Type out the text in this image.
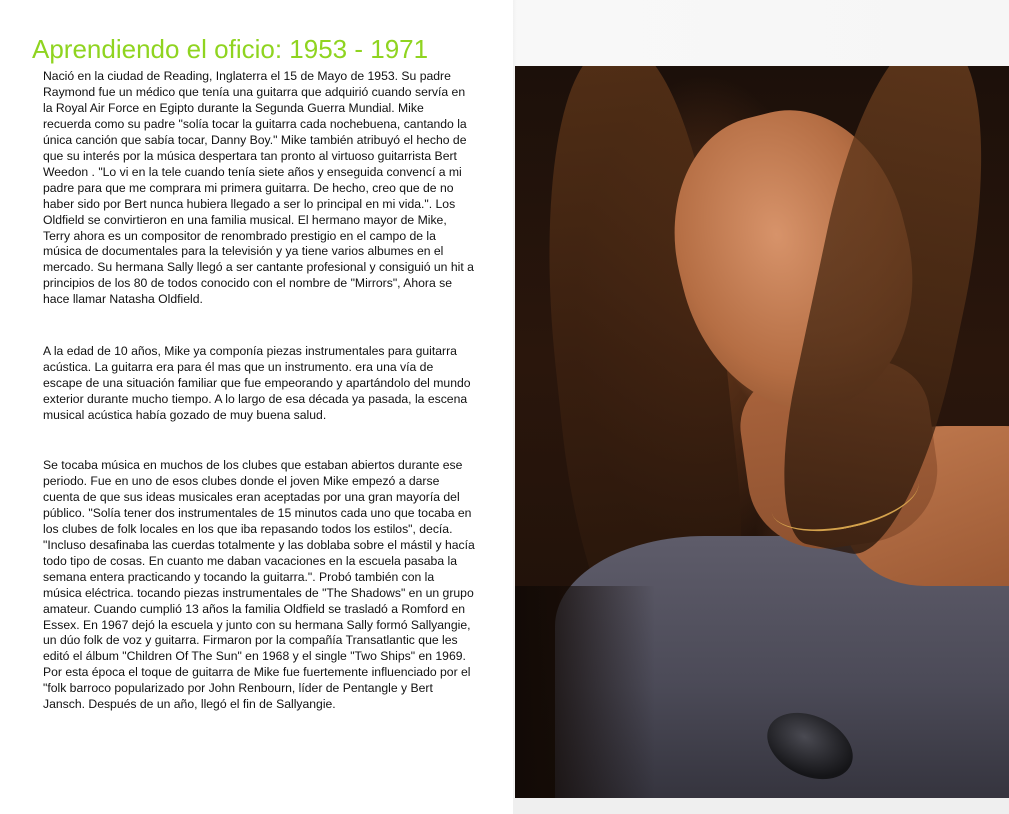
Aprendiendo el oficio: 1953 - 1971

Nació en la ciudad de Reading, Inglaterra el 15 de Mayo de 1953. Su padre Raymond fue un médico que tenía una guitarra que adquirió cuando servía en la Royal Air Force en Egipto durante la Segunda Guerra Mundial. Mike recuerda como su padre "solía tocar la guitarra cada nochebuena, cantando la única canción que sabía tocar, Danny Boy." Mike también atribuyó el hecho de que su interés por la música despertara tan pronto al virtuoso guitarrista Bert Weedon . "Lo vi en la tele cuando tenía siete años y enseguida convencí a mi padre para que me comprara mi primera guitarra. De hecho, creo que de no haber sido por Bert nunca hubiera llegado a ser lo principal en mi vida.". Los Oldfield se convirtieron en una familia musical. El hermano mayor de Mike, Terry ahora es un compositor de renombrado prestigio en el campo de la música de documentales para la televisión y ya tiene varios albumes en el mercado. Su hermana Sally llegó a ser cantante profesional y consiguió un hit a principios de los 80 de todos conocido con el nombre de "Mirrors", Ahora se hace llamar Natasha Oldfield.

A la edad de 10 años, Mike ya componía piezas instrumentales para guitarra acústica. La guitarra era para él mas que un instrumento. era una vía de escape de una situación familiar que fue empeorando y apartándolo del mundo exterior durante mucho tiempo. A lo largo de esa década ya pasada, la escena musical acústica había gozado de muy buena salud.

Se tocaba música en muchos de los clubes que estaban abiertos durante ese periodo. Fue en uno de esos clubes donde el joven Mike empezó a darse cuenta de que sus ideas musicales eran aceptadas por una gran mayoría del público. "Solía tener dos instrumentales de 15 minutos cada uno que tocaba en los clubes de folk locales en los que iba repasando todos los estilos", decía. "Incluso desafinaba las cuerdas totalmente y las doblaba sobre el mástil y hacía todo tipo de cosas. En cuanto me daban vacaciones en la escuela pasaba la semana entera practicando y tocando la guitarra.". Probó también con la música eléctrica. tocando piezas instrumentales de "The Shadows" en un grupo amateur. Cuando cumplió 13 años la familia Oldfield se trasladó a Romford en Essex. En 1967 dejó la escuela y junto con su hermana Sally formó Sallyangie, un dúo folk de voz y guitarra. Firmaron por la compañía Transatlantic que les editó el álbum "Children Of The Sun" en 1968 y el single "Two Ships" en 1969. Por esta época el toque de guitarra de Mike fue fuertemente influenciado por el "folk barroco popularizado por John Renbourn, líder de Pentangle y Bert Jansch. Después de un año, llegó el fin de Sallyangie.
